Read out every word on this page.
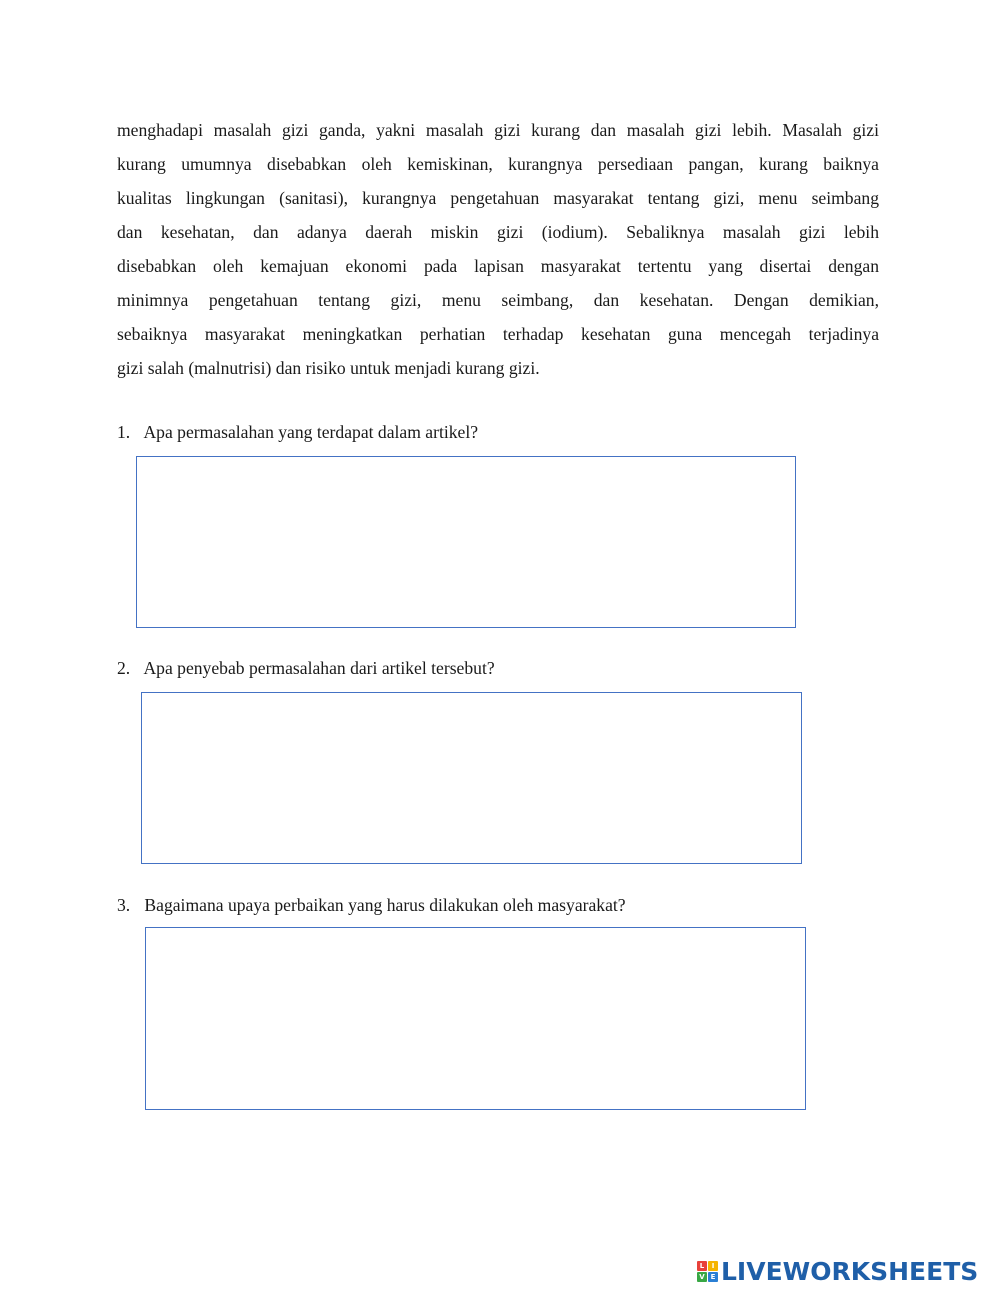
menghadapi masalah gizi ganda, yakni masalah gizi kurang dan masalah gizi lebih. Masalah gizi
kurang umumnya disebabkan oleh kemiskinan, kurangnya persediaan pangan, kurang baiknya
kualitas lingkungan (sanitasi), kurangnya pengetahuan masyarakat tentang gizi, menu seimbang
dan kesehatan, dan adanya daerah miskin gizi (iodium). Sebaliknya masalah gizi lebih
disebabkan oleh kemajuan ekonomi pada lapisan masyarakat tertentu yang disertai dengan
minimnya pengetahuan tentang gizi, menu seimbang, dan kesehatan. Dengan demikian,
sebaiknya masyarakat meningkatkan perhatian terhadap kesehatan guna mencegah terjadinya
gizi salah (malnutrisi) dan risiko untuk menjadi kurang gizi.
1. Apa permasalahan yang terdapat dalam artikel?
2. Apa penyebab permasalahan dari artikel tersebut?
3. Bagaimana upaya perbaikan yang harus dilakukan oleh masyarakat?
L	I
V E LIVEWORKSHEETS
